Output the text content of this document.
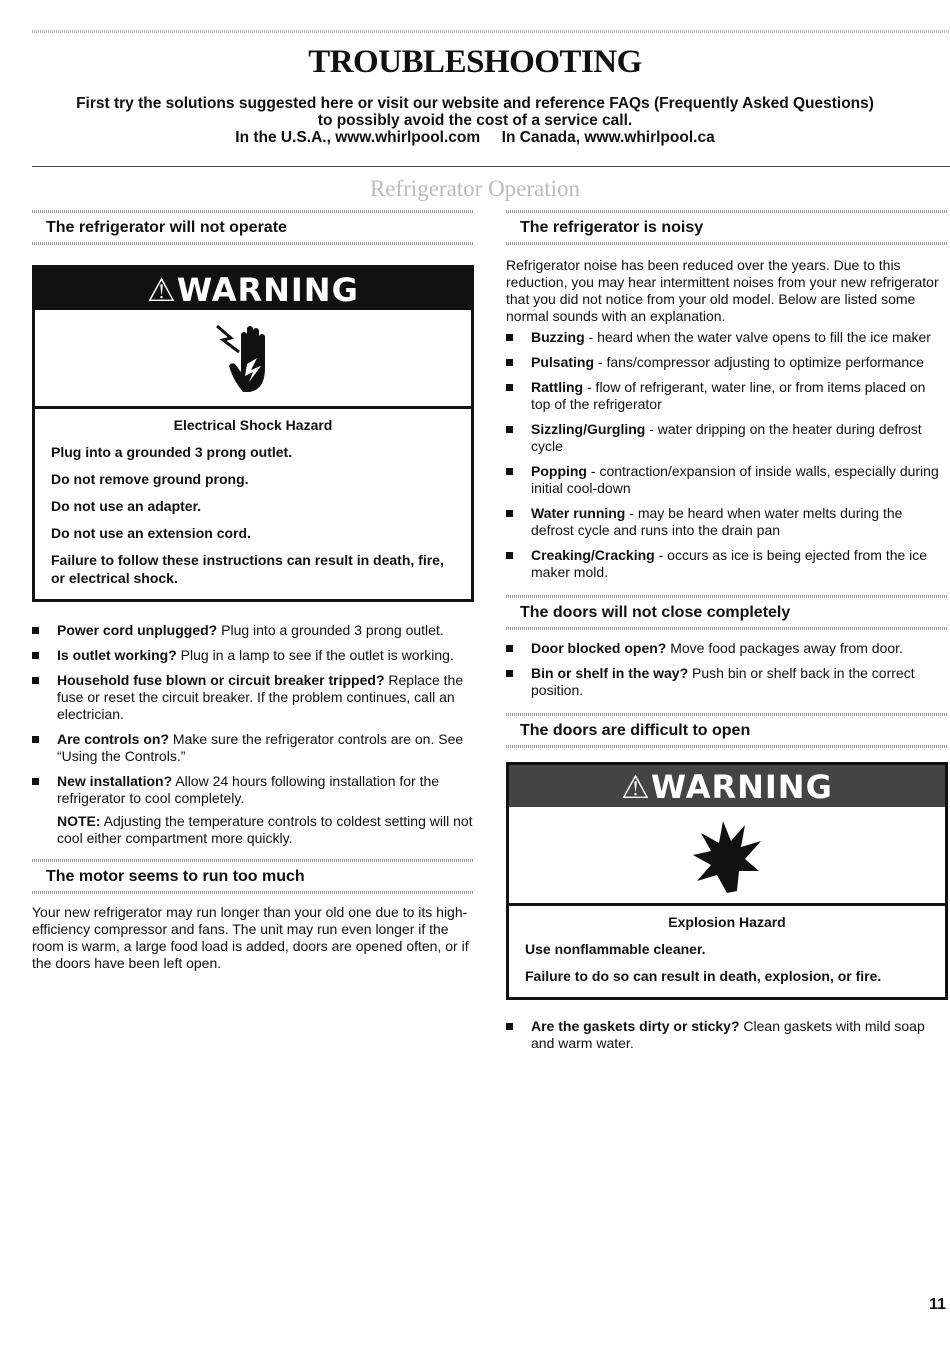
TROUBLESHOOTING
First try the solutions suggested here or visit our website and reference FAQs (Frequently Asked Questions)
to possibly avoid the cost of a service call.
In the U.S.A., www.whirlpool.com     In Canada, www.whirlpool.ca
Refrigerator Operation
The refrigerator will not operate
⚠WARNING
Electrical Shock Hazard

Plug into a grounded 3 prong outlet.

Do not remove ground prong.

Do not use an adapter.

Do not use an extension cord.

Failure to follow these instructions can result in death, fire, or electrical shock.

Power cord unplugged? Plug into a grounded 3 prong outlet.
Is outlet working? Plug in a lamp to see if the outlet is working.
Household fuse blown or circuit breaker tripped? Replace the fuse or reset the circuit breaker. If the problem continues, call an electrician.
Are controls on? Make sure the refrigerator controls are on. See “Using the Controls.”
New installation? Allow 24 hours following installation for the refrigerator to cool completely.

NOTE: Adjusting the temperature controls to coldest setting will not cool either compartment more quickly.

The motor seems to run too much

Your new refrigerator may run longer than your old one due to its high-efficiency compressor and fans. The unit may run even longer if the room is warm, a large food load is added, doors are opened often, or if the doors have been left open.

The refrigerator is noisy

Refrigerator noise has been reduced over the years. Due to this reduction, you may hear intermittent noises from your new refrigerator that you did not notice from your old model. Below are listed some normal sounds with an explanation.

Buzzing - heard when the water valve opens to fill the ice maker
Pulsating - fans/compressor adjusting to optimize performance
Rattling - flow of refrigerant, water line, or from items placed on top of the refrigerator
Sizzling/Gurgling - water dripping on the heater during defrost cycle
Popping - contraction/expansion of inside walls, especially during initial cool-down
Water running - may be heard when water melts during the defrost cycle and runs into the drain pan
Creaking/Cracking - occurs as ice is being ejected from the ice maker mold.
The doors will not close completely
Door blocked open? Move food packages away from door.
Bin or shelf in the way? Push bin or shelf back in the correct position.
The doors are difficult to open
⚠WARNING
Explosion Hazard

Use nonflammable cleaner.

Failure to do so can result in death, explosion, or fire.

Are the gaskets dirty or sticky? Clean gaskets with mild soap and warm water.
11
